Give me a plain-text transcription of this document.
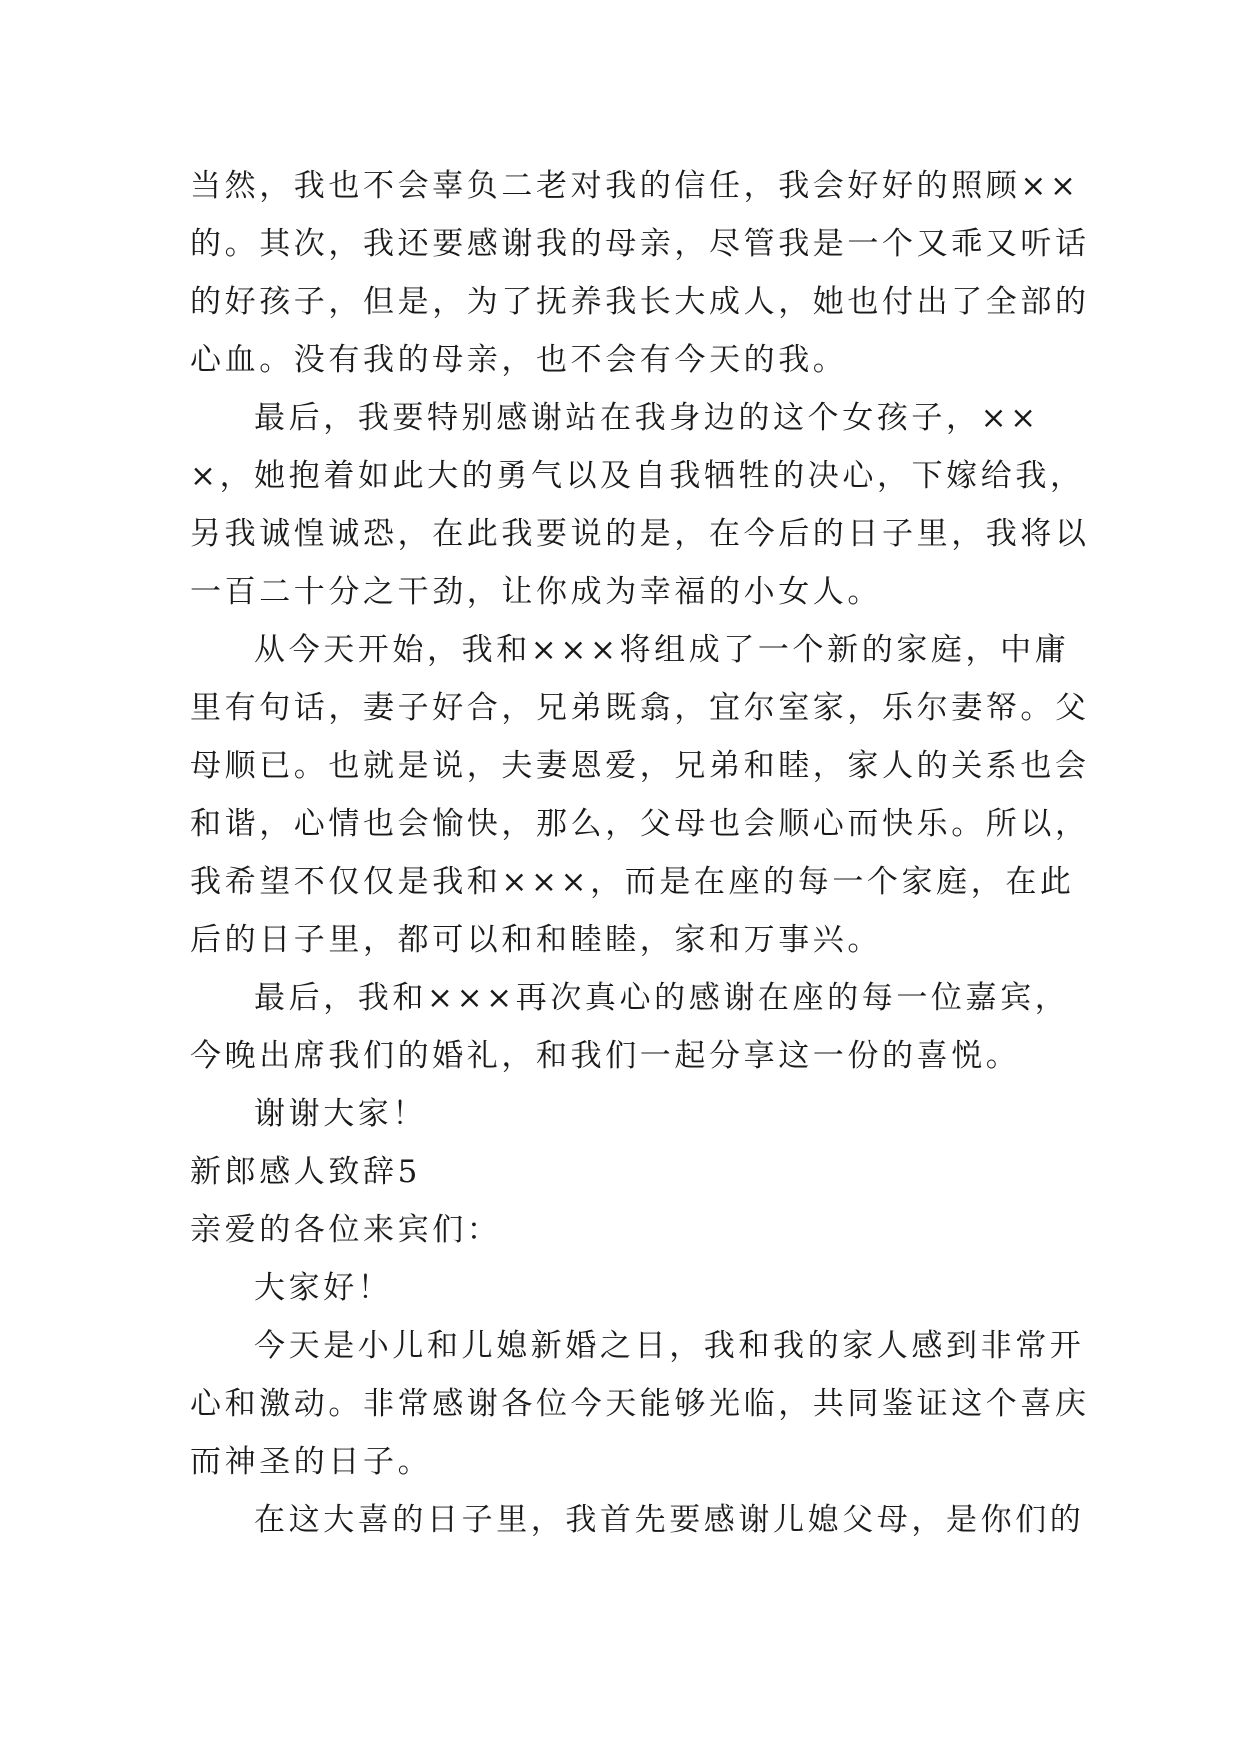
当然，我也不会辜负二老对我的信任，我会好好的照顾××
的。其次，我还要感谢我的母亲，尽管我是一个又乖又听话
的好孩子，但是，为了抚养我长大成人，她也付出了全部的
心血。没有我的母亲，也不会有今天的我。
最后，我要特别感谢站在我身边的这个女孩子，××
×，她抱着如此大的勇气以及自我牺牲的决心，下嫁给我，
另我诚惶诚恐，在此我要说的是，在今后的日子里，我将以
一百二十分之干劲，让你成为幸福的小女人。
从今天开始，我和×××将组成了一个新的家庭，中庸
里有句话，妻子好合，兄弟既翕，宜尔室家，乐尔妻帑。父
母顺已。也就是说，夫妻恩爱，兄弟和睦，家人的关系也会
和谐，心情也会愉快，那么，父母也会顺心而快乐。所以，
我希望不仅仅是我和×××，而是在座的每一个家庭，在此
后的日子里，都可以和和睦睦，家和万事兴。
最后，我和×××再次真心的感谢在座的每一位嘉宾，
今晚出席我们的婚礼，和我们一起分享这一份的喜悦。
谢谢大家！
新郎感人致辞5
亲爱的各位来宾们：
大家好！
今天是小儿和儿媳新婚之日，我和我的家人感到非常开
心和激动。非常感谢各位今天能够光临，共同鉴证这个喜庆
而神圣的日子。
在这大喜的日子里，我首先要感谢儿媳父母，是你们的
